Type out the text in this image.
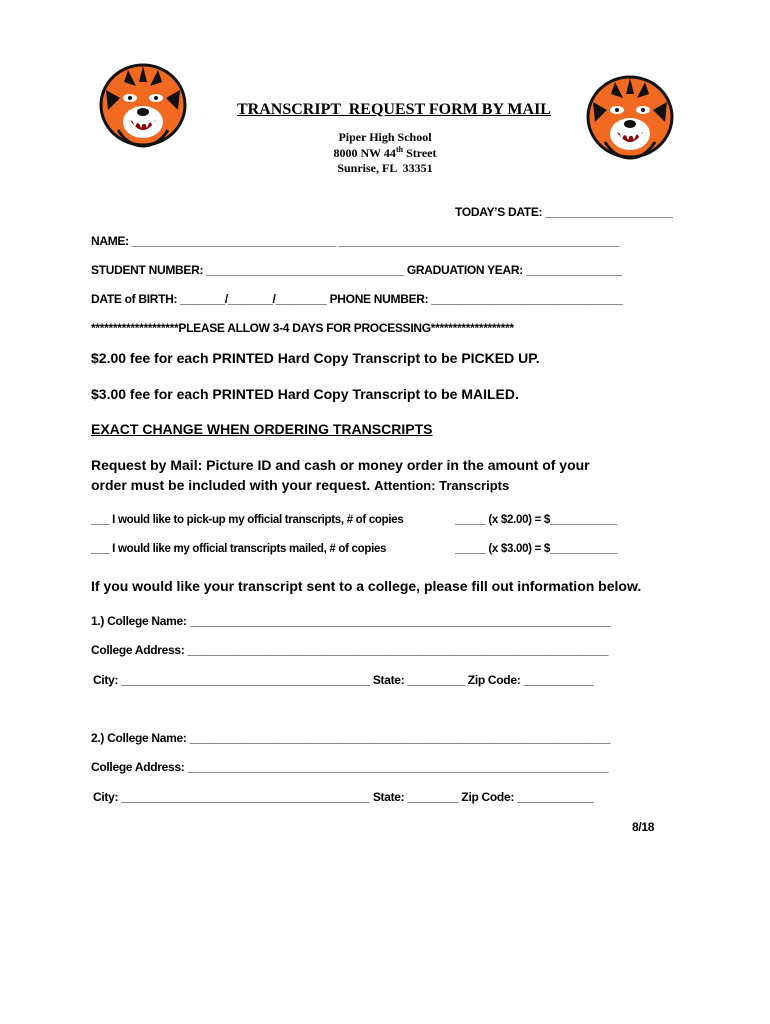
TRANSCRIPT  REQUEST FORM BY MAIL
Piper High School
8000 NW 44th Street
Sunrise, FL  33351
TODAY’S DATE: ____________________
NAME: ________________________________ ____________________________________________
STUDENT NUMBER: _______________________________ GRADUATION YEAR: _______________
DATE of BIRTH: _______/_______/________ PHONE NUMBER: ______________________________
********************PLEASE ALLOW 3-4 DAYS FOR PROCESSING*******************
$2.00 fee for each PRINTED Hard Copy Transcript to be PICKED UP.
$3.00 fee for each PRINTED Hard Copy Transcript to be MAILED.
EXACT CHANGE WHEN ORDERING TRANSCRIPTS
Request by Mail: Picture ID and cash or money order in the amount of your
order must be included with your request. Attention: Transcripts
___ I would like to pick-up my official transcripts, # of copies	_____ (x $2.00) = $___________
___ I would like my official transcripts mailed, # of copies	_____ (x $3.00) = $___________
If you would like your transcript sent to a college, please fill out information below.
1.) College Name: __________________________________________________________________
College Address: __________________________________________________________________
City: _______________________________________ State: _________ Zip Code: ___________
2.) College Name: __________________________________________________________________
College Address: __________________________________________________________________
City: _______________________________________ State: ________ Zip Code: ____________
8/18
